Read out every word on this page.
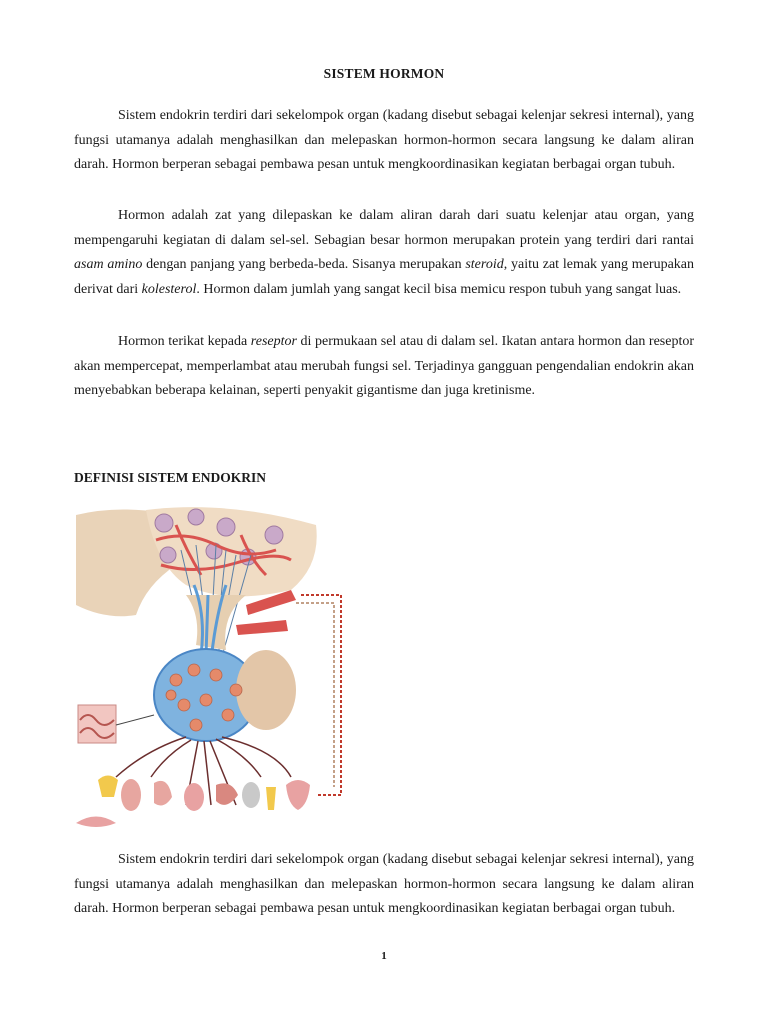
SISTEM HORMON

Sistem endokrin terdiri dari sekelompok organ (kadang disebut sebagai kelenjar sekresi internal), yang fungsi utamanya adalah menghasilkan dan melepaskan hormon-hormon secara langsung ke dalam aliran darah. Hormon berperan sebagai pembawa pesan untuk mengkoordinasikan kegiatan berbagai organ tubuh.

Hormon adalah zat yang dilepaskan ke dalam aliran darah dari suatu kelenjar atau organ, yang mempengaruhi kegiatan di dalam sel-sel. Sebagian besar hormon merupakan protein yang terdiri dari rantai asam amino dengan panjang yang berbeda-beda. Sisanya merupakan steroid, yaitu zat lemak yang merupakan derivat dari kolesterol. Hormon dalam jumlah yang sangat kecil bisa memicu respon tubuh yang sangat luas.

Hormon terikat kepada reseptor di permukaan sel atau di dalam sel. Ikatan antara hormon dan reseptor akan mempercepat, memperlambat atau merubah fungsi sel. Terjadinya gangguan pengendalian endokrin akan menyebabkan beberapa kelainan, seperti penyakit gigantisme dan juga kretinisme.

DEFINISI SISTEM ENDOKRIN

Sistem endokrin terdiri dari sekelompok organ (kadang disebut sebagai kelenjar sekresi internal), yang fungsi utamanya adalah menghasilkan dan melepaskan hormon-hormon secara langsung ke dalam aliran darah. Hormon berperan sebagai pembawa pesan untuk mengkoordinasikan kegiatan berbagai organ tubuh.

1
